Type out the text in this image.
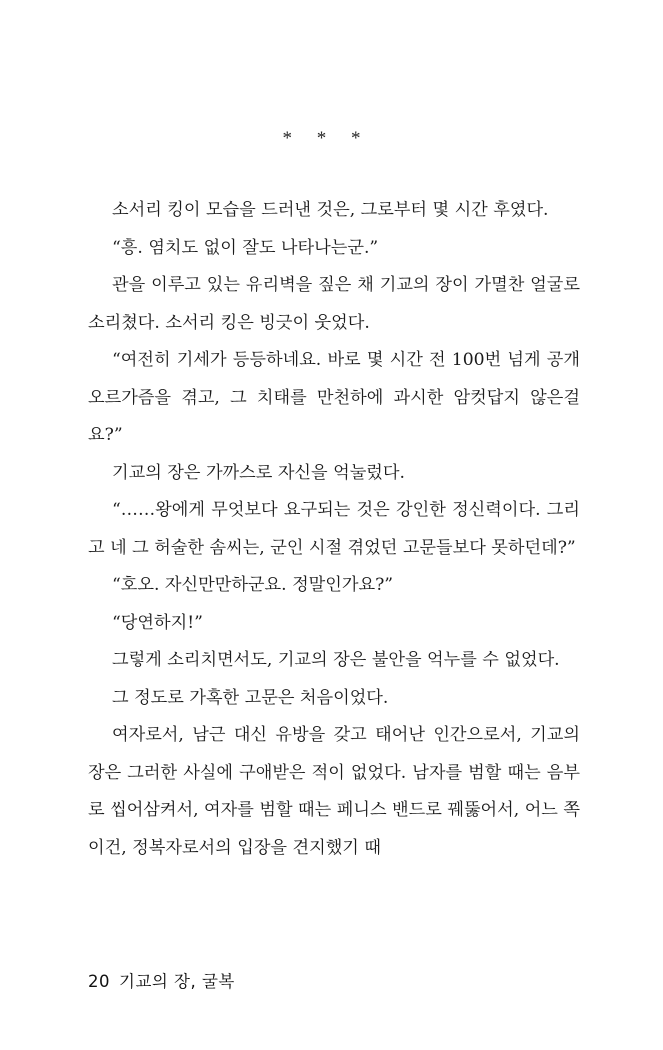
* * *

소서리 킹이 모습을 드러낸 것은, 그로부터 몇 시간 후였다.

“흥. 염치도 없이 잘도 나타나는군.”

관을 이루고 있는 유리벽을 짚은 채 기교의 장이 가멸찬 얼굴로 소리쳤다. 소서리 킹은 빙긋이 웃었다.

“여전히 기세가 등등하네요. 바로 몇 시간 전 100번 넘게 공개 오르가즘을 겪고, 그 치태를 만천하에 과시한 암컷답지 않은걸요?”

기교의 장은 가까스로 자신을 억눌렀다.

“……왕에게 무엇보다 요구되는 것은 강인한 정신력이다. 그리고 네 그 허술한 솜씨는, 군인 시절 겪었던 고문들보다 못하던데?”

“호오. 자신만만하군요. 정말인가요?”

“당연하지!”

그렇게 소리치면서도, 기교의 장은 불안을 억누를 수 없었다.

그 정도로 가혹한 고문은 처음이었다.

여자로서, 남근 대신 유방을 갖고 태어난 인간으로서, 기교의 장은 그러한 사실에 구애받은 적이 없었다. 남자를 범할 때는 음부로 씹어삼켜서, 여자를 범할 때는 페니스 밴드로 꿰뚫어서, 어느 쪽이건, 정복자로서의 입장을 견지했기 때

20 기교의 장, 굴복
